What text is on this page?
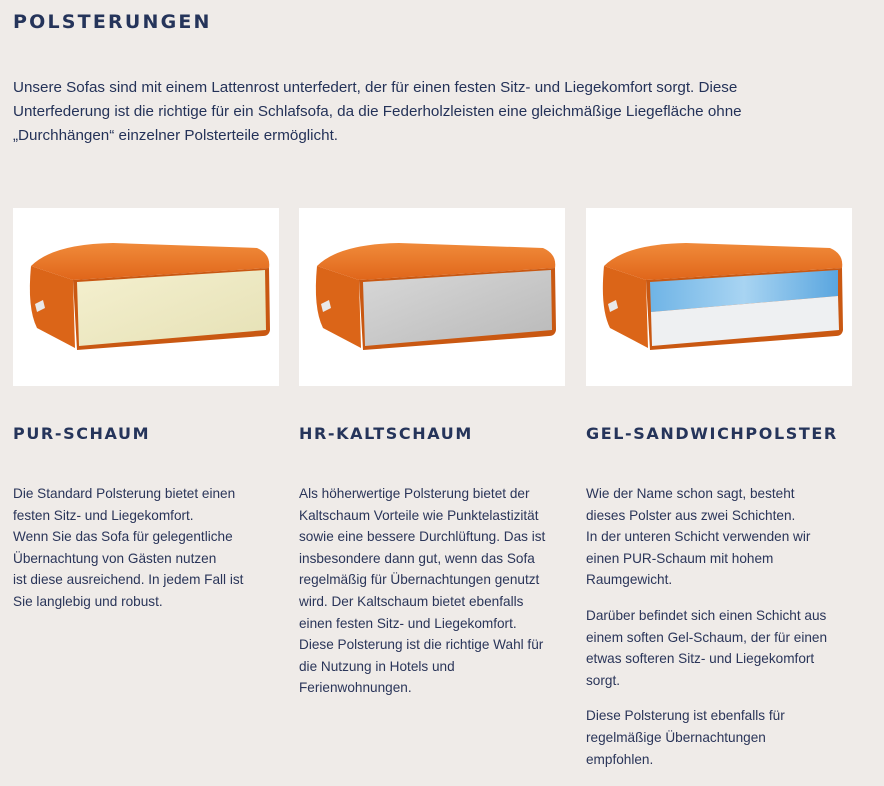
POLSTERUNGEN
Unsere Sofas sind mit einem Lattenrost unterfedert, der für einen festen Sitz- und Liegekomfort sorgt. Diese
Unterfederung ist die richtige für ein Schlafsofa, da die Federholzleisten eine gleichmäßige Liegefläche ohne
„Durchhängen“ einzelner Polsterteile ermöglicht.
PUR-SCHAUM

Die Standard Polsterung bietet einen
festen Sitz- und Liegekomfort.
Wenn Sie das Sofa für gelegentliche
Übernachtung von Gästen nutzen
ist diese ausreichend. In jedem Fall ist
Sie langlebig und robust.

HR-KALTSCHAUM

Als höherwertige Polsterung bietet der
Kaltschaum Vorteile wie Punktelastizität
sowie eine bessere Durchlüftung. Das ist
insbesondere dann gut, wenn das Sofa
regelmäßig für Übernachtungen genutzt
wird. Der Kaltschaum bietet ebenfalls
einen festen Sitz- und Liegekomfort.
Diese Polsterung ist die richtige Wahl für
die Nutzung in Hotels und
Ferienwohnungen.

GEL-SANDWICHPOLSTER

Wie der Name schon sagt, besteht
dieses Polster aus zwei Schichten.
In der unteren Schicht verwenden wir
einen PUR-Schaum mit hohem
Raumgewicht.

Darüber befindet sich einen Schicht aus
einem soften Gel-Schaum, der für einen
etwas softeren Sitz- und Liegekomfort
sorgt.

Diese Polsterung ist ebenfalls für
regelmäßige Übernachtungen
empfohlen.
